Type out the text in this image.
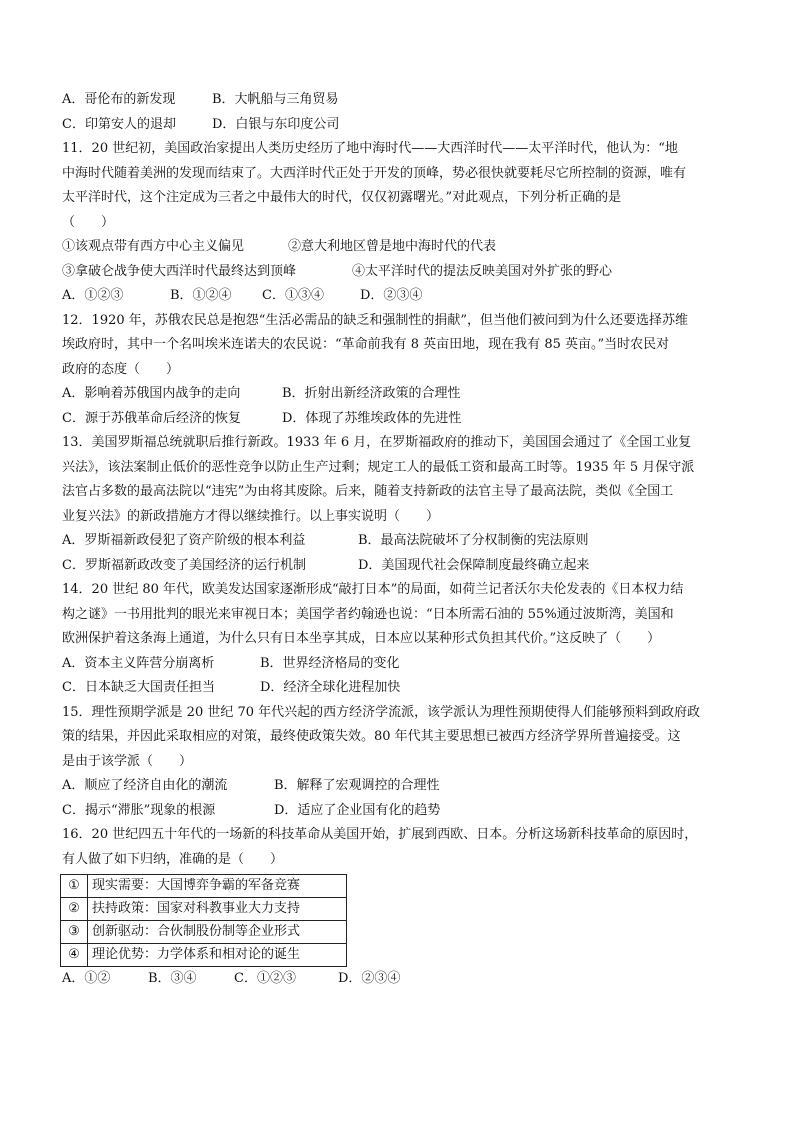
A．哥伦布的新发现	B．大帆船与三角贸易
C．印第安人的退却	D．白银与东印度公司
11．20 世纪初，美国政治家提出人类历史经历了地中海时代——大西洋时代——太平洋时代，他认为：“地
中海时代随着美洲的发现而结束了。大西洋时代正处于开发的顶峰，势必很快就要耗尽它所控制的资源，唯有
太平洋时代，这个注定成为三者之中最伟大的时代，仅仅初露曙光。”对此观点，下列分析正确的是
（　　）
①该观点带有西方中心主义偏见	②意大利地区曾是地中海时代的代表
③拿破仑战争使大西洋时代最终达到顶峰	④太平洋时代的提法反映美国对外扩张的野心
A．①②③	B．①②④	C．①③④	D．②③④
12．1920 年，苏俄农民总是抱怨“生活必需品的缺乏和强制性的捐献”，但当他们被问到为什么还要选择苏维
埃政府时，其中一个名叫埃米连诺夫的农民说：“革命前我有 8 英亩田地，现在我有 85 英亩。”当时农民对
政府的态度（　　）
A．影响着苏俄国内战争的走向	B．折射出新经济政策的合理性
C．源于苏俄革命后经济的恢复	D．体现了苏维埃政体的先进性
13．美国罗斯福总统就职后推行新政。1933 年 6 月，在罗斯福政府的推动下，美国国会通过了《全国工业复
兴法》，该法案制止低价的恶性竞争以防止生产过剩；规定工人的最低工资和最高工时等。1935 年 5 月保守派
法官占多数的最高法院以“违宪”为由将其废除。后来，随着支持新政的法官主导了最高法院，类似《全国工
业复兴法》的新政措施方才得以继续推行。以上事实说明（　　）
A．罗斯福新政侵犯了资产阶级的根本利益	B．最高法院破坏了分权制衡的宪法原则
C．罗斯福新政改变了美国经济的运行机制	D．美国现代社会保障制度最终确立起来
14．20 世纪 80 年代，欧美发达国家逐渐形成“敲打日本”的局面，如荷兰记者沃尔夫伦发表的《日本权力结
构之谜》一书用批判的眼光来审视日本；美国学者约翰逊也说：“日本所需石油的 55%通过波斯湾，美国和
欧洲保护着这条海上通道，为什么只有日本坐享其成，日本应以某种形式负担其代价。”这反映了（　　）
A．资本主义阵营分崩离析	B．世界经济格局的变化
C．日本缺乏大国责任担当	D．经济全球化进程加快
15．理性预期学派是 20 世纪 70 年代兴起的西方经济学流派，该学派认为理性预期使得人们能够预料到政府政
策的结果，并因此采取相应的对策，最终使政策失效。80 年代其主要思想已被西方经济学界所普遍接受。这
是由于该学派（　　）
A．顺应了经济自由化的潮流	B．解释了宏观调控的合理性
C．揭示“滞胀”现象的根源	D．适应了企业国有化的趋势
16．20 世纪四五十年代的一场新的科技革命从美国开始，扩展到西欧、日本。分析这场新科技革命的原因时，
有人做了如下归纳，准确的是（　　）
①	现实需要：大国博弈争霸的军备竞赛
②	扶持政策：国家对科教事业大力支持
③	创新驱动：合伙制股份制等企业形式
④	理论优势：力学体系和相对论的诞生
A．①②	B．③④	C．①②③	D．②③④
